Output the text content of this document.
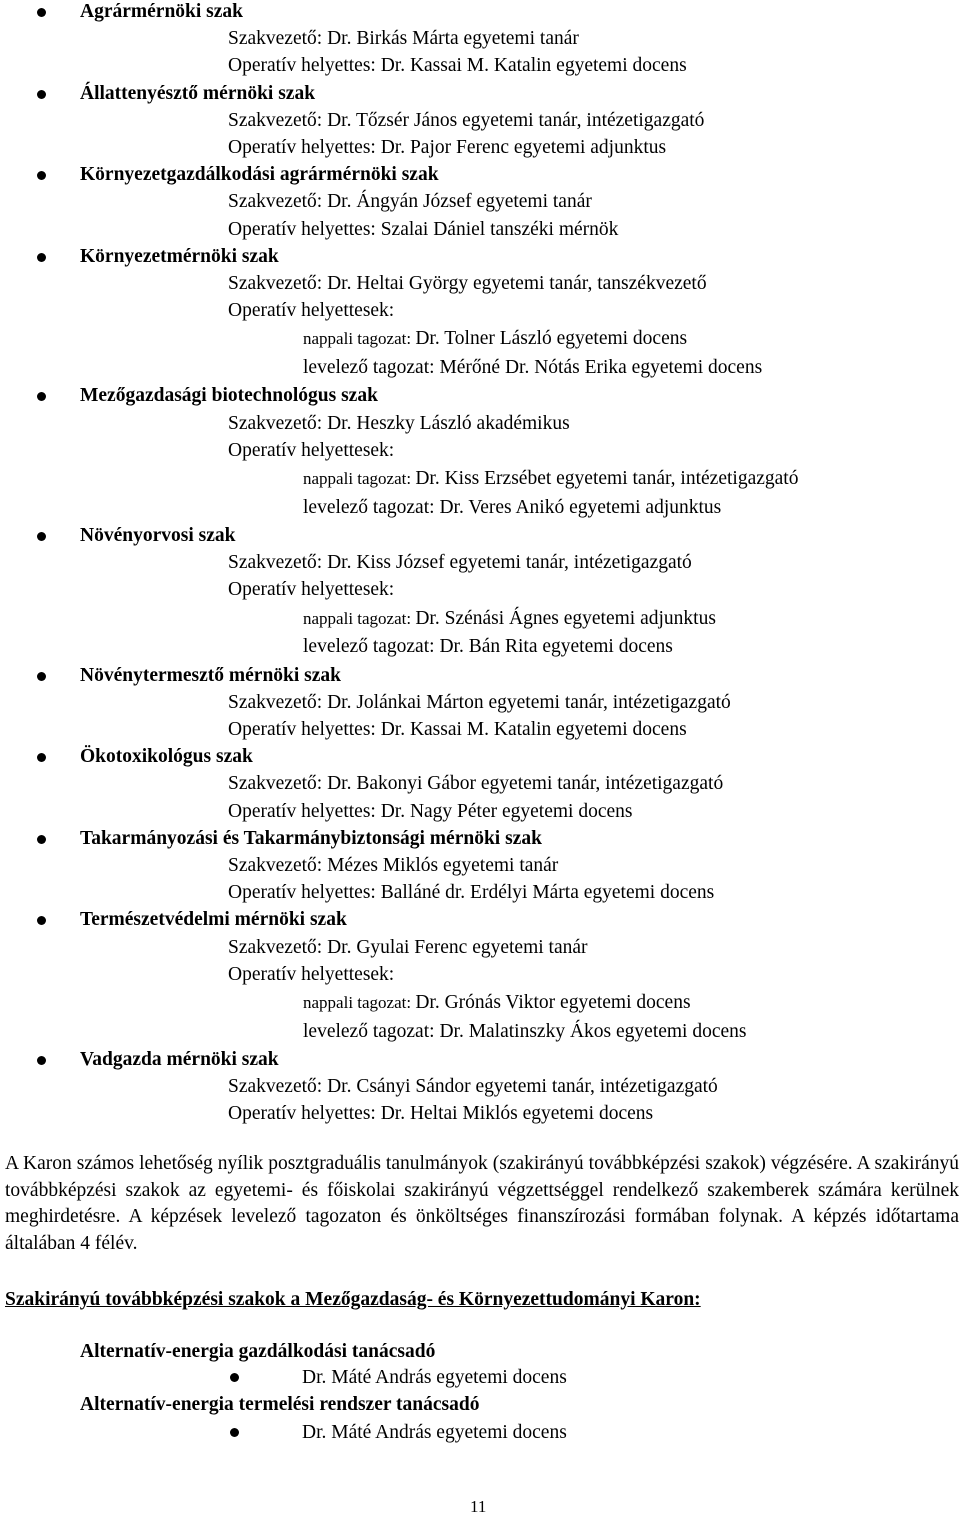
Agrármérnöki szak
Szakvezető: Dr. Birkás Márta egyetemi tanár
Operatív helyettes: Dr. Kassai M. Katalin egyetemi docens
Állattenyésztő mérnöki szak
Szakvezető: Dr. Tőzsér János egyetemi tanár, intézetigazgató
Operatív helyettes: Dr. Pajor Ferenc egyetemi adjunktus
Környezetgazdálkodási agrármérnöki szak
Szakvezető: Dr. Ángyán József egyetemi tanár
Operatív helyettes: Szalai Dániel tanszéki mérnök
Környezetmérnöki szak
Szakvezető: Dr. Heltai György egyetemi tanár, tanszékvezető
Operatív helyettesek:
nappali tagozat: Dr. Tolner László egyetemi docens
levelező tagozat: Mérőné Dr. Nótás Erika egyetemi docens
Mezőgazdasági biotechnológus szak
Szakvezető: Dr. Heszky László akadémikus
Operatív helyettesek:
nappali tagozat: Dr. Kiss Erzsébet egyetemi tanár, intézetigazgató
levelező tagozat: Dr. Veres Anikó egyetemi adjunktus
Növényorvosi szak
Szakvezető: Dr. Kiss József egyetemi tanár, intézetigazgató
Operatív helyettesek:
nappali tagozat: Dr. Szénási Ágnes egyetemi adjunktus
levelező tagozat: Dr. Bán Rita egyetemi docens
Növénytermesztő mérnöki szak
Szakvezető: Dr. Jolánkai Márton egyetemi tanár, intézetigazgató
Operatív helyettes: Dr. Kassai M. Katalin egyetemi docens
Ökotoxikológus szak
Szakvezető: Dr. Bakonyi Gábor egyetemi tanár, intézetigazgató
Operatív helyettes: Dr. Nagy Péter egyetemi docens
Takarmányozási és Takarmánybiztonsági mérnöki szak
Szakvezető: Mézes Miklós egyetemi tanár
Operatív helyettes: Balláné dr. Erdélyi Márta egyetemi docens
Természetvédelmi mérnöki szak
Szakvezető: Dr. Gyulai Ferenc egyetemi tanár
Operatív helyettesek:
nappali tagozat: Dr. Grónás Viktor egyetemi docens
levelező tagozat: Dr. Malatinszky Ákos egyetemi docens
Vadgazda mérnöki szak
Szakvezető: Dr. Csányi Sándor egyetemi tanár, intézetigazgató
Operatív helyettes: Dr. Heltai Miklós egyetemi docens
A Karon számos lehetőség nyílik posztgraduális tanulmányok (szakirányú továbbképzési szakok) végzésére. A szakirányú továbbképzési szakok az egyetemi- és főiskolai szakirányú végzettséggel rendelkező szakemberek számára kerülnek meghirdetésre. A képzések levelező tagozaton és önköltséges finanszírozási formában folynak. A képzés időtartama általában 4 félév.
Szakirányú továbbképzési szakok a Mezőgazdaság- és Környezettudományi Karon:
Alternatív-energia gazdálkodási tanácsadó
Dr. Máté András egyetemi docens
Alternatív-energia termelési rendszer tanácsadó
Dr. Máté András egyetemi docens
11
